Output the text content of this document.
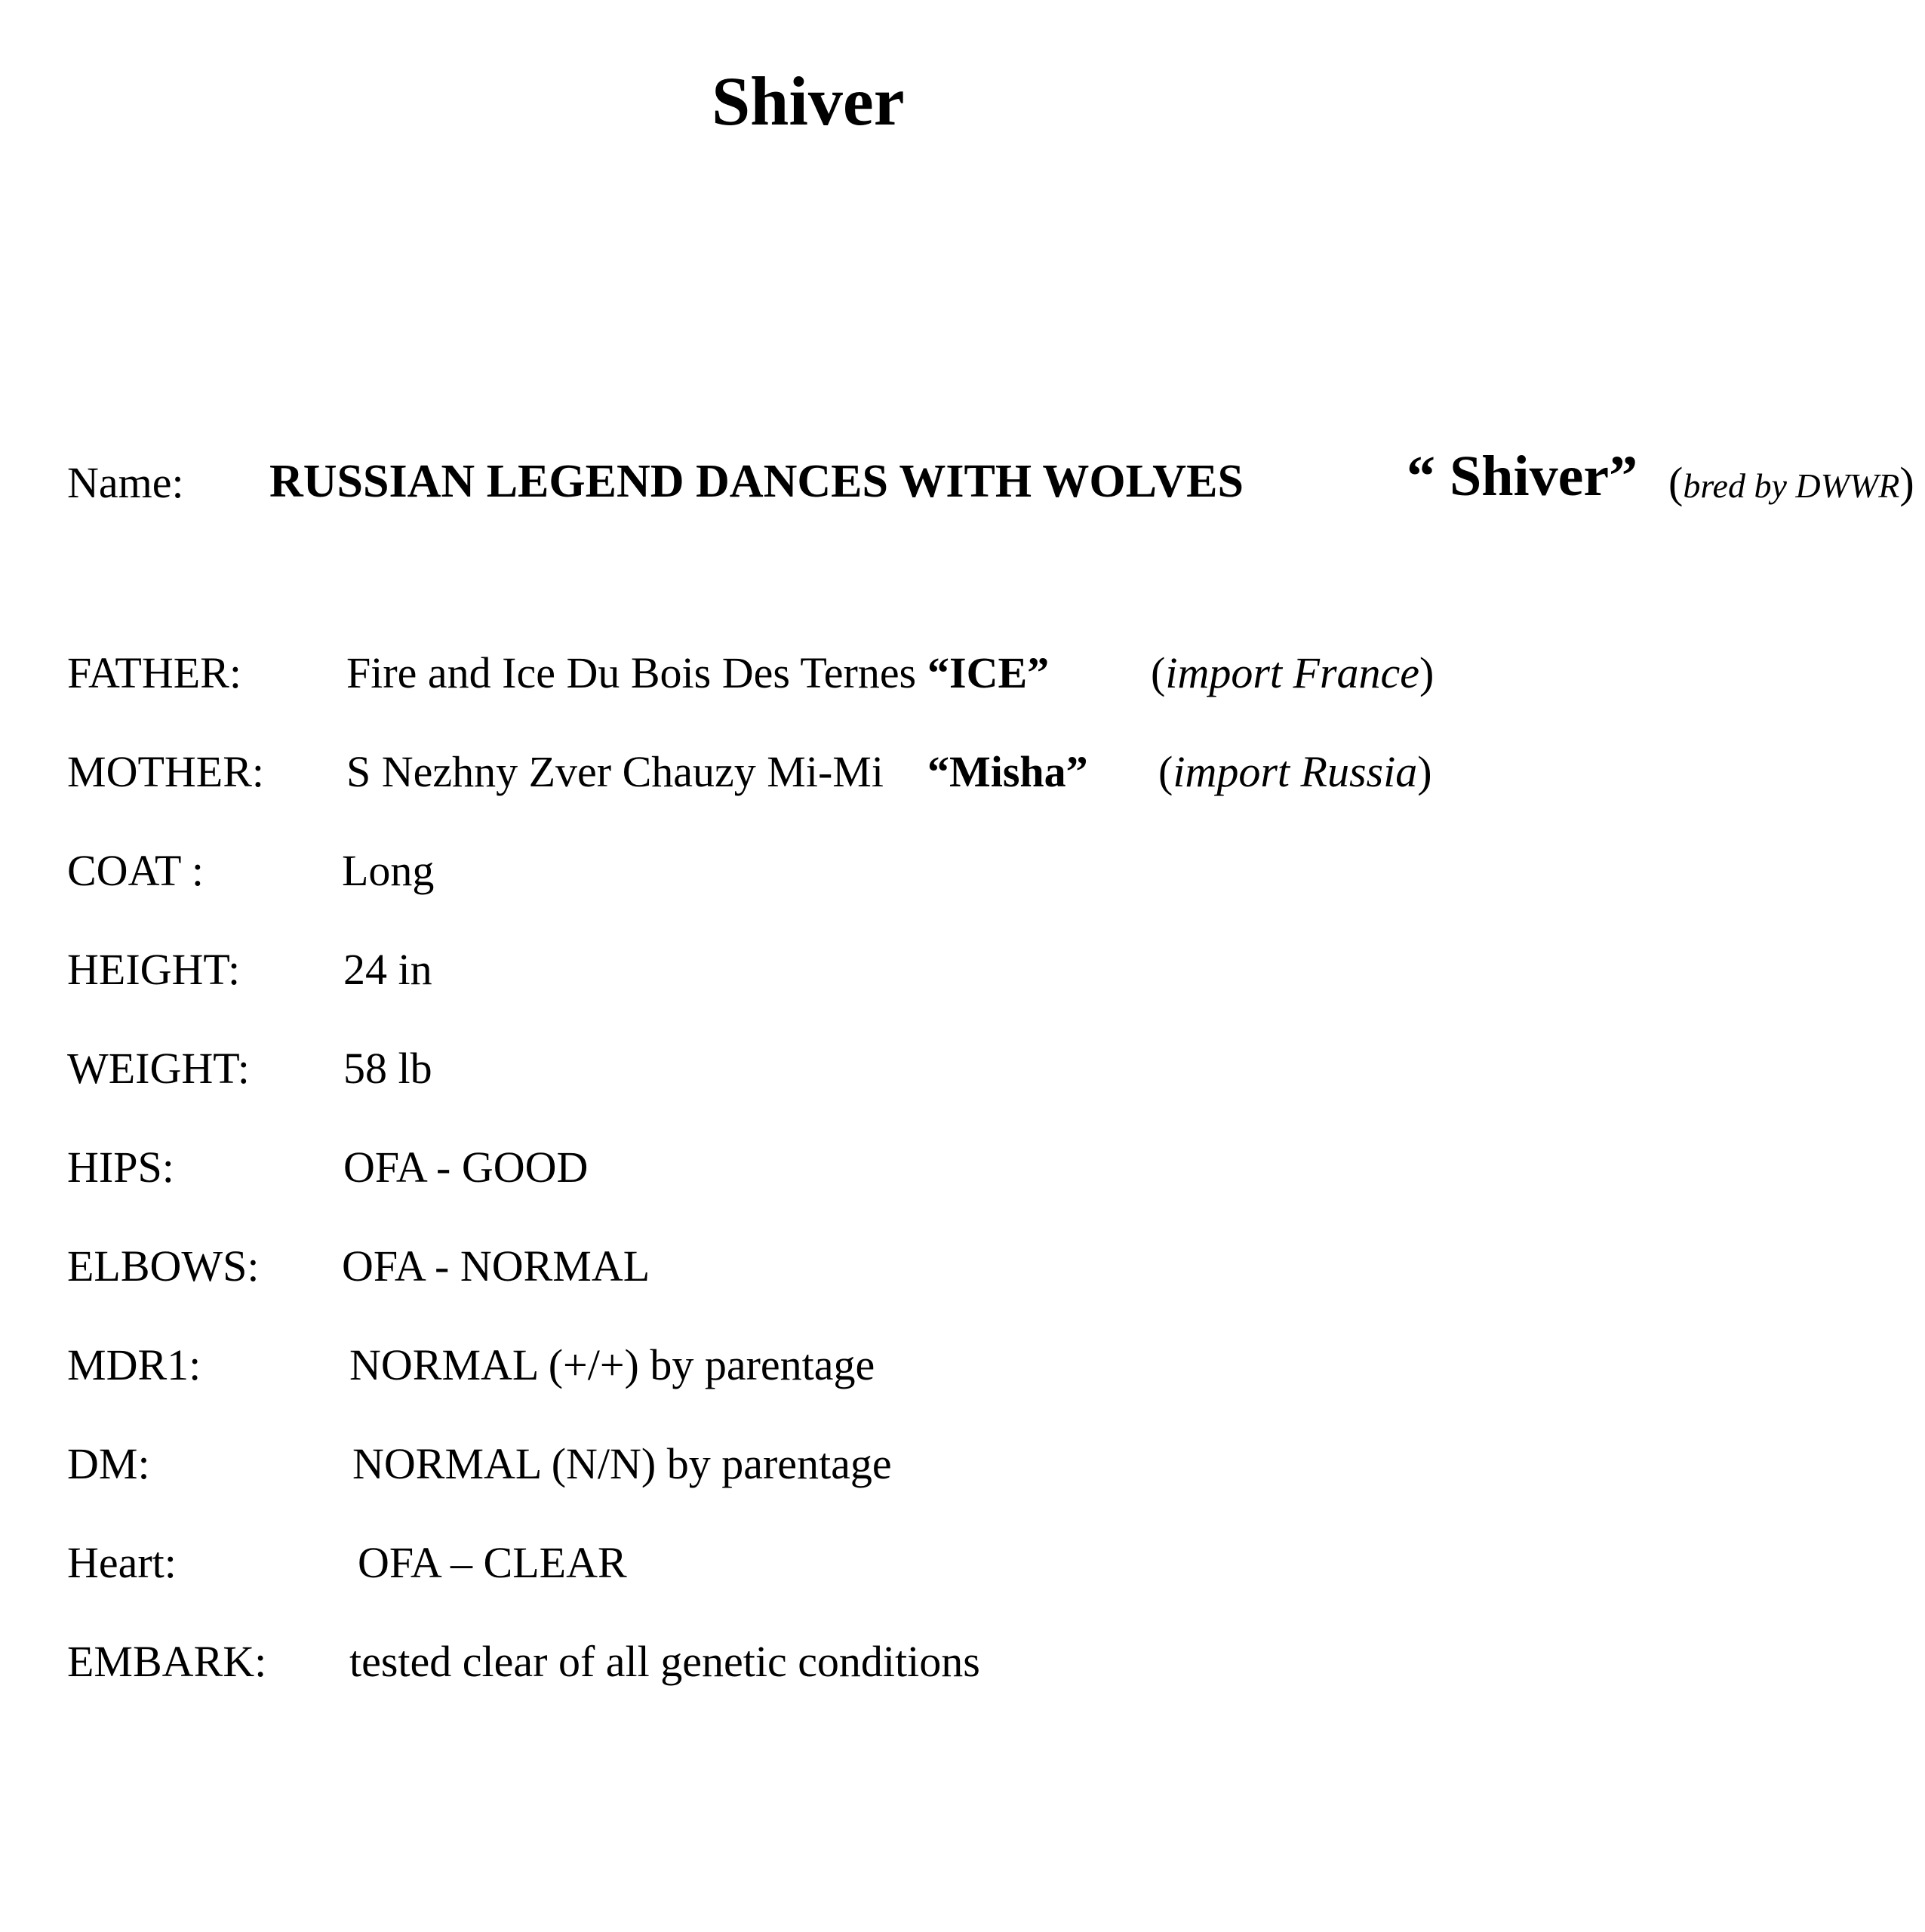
Shiver
Name: RUSSIAN LEGEND DANCES WITH WOLVES	“ Shiver” (bred by DWWR)
FATHER: Fire and Ice Du Bois Des Ternes “ICE” (import France)
MOTHER: S Nezhny Zver Chauzy Mi-Mi “Misha” (import Russia)
COAT :	Long
HEIGHT: 24 in
WEIGHT: 58 lb
HIPS:	OFA - GOOD
ELBOWS: OFA - NORMAL
MDR1:	NORMAL (+/+) by parentage
DM:	NORMAL (N/N) by parentage
Heart:	OFA – CLEAR
EMBARK: tested clear of all genetic conditions
